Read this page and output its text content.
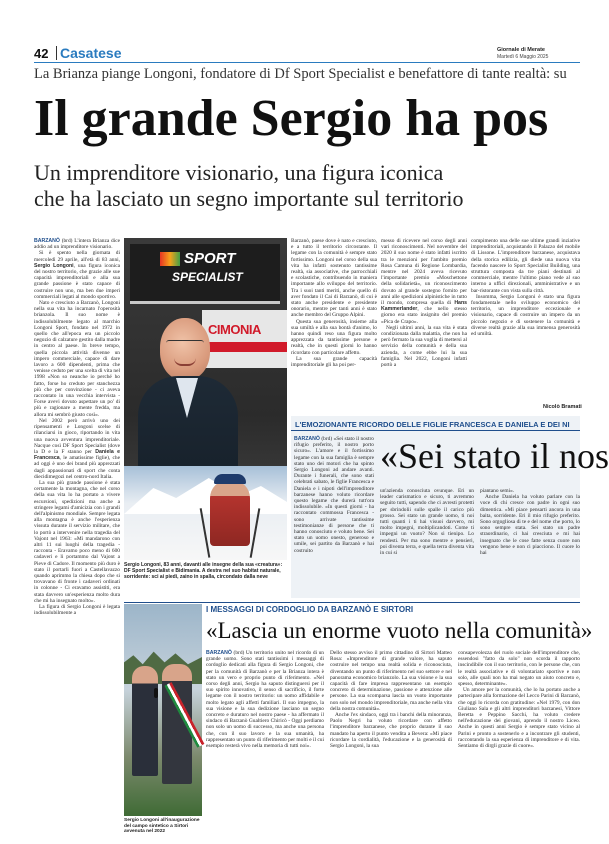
42 Casatese	Giornale di Merate
Martedì 6 Maggio 2025
La Brianza piange Longoni, fondatore di Df Sport Specialist e benefattore di tante realtà: su
Il grande Sergio ha pos
Un imprenditore visionario, una figura iconica
che ha lasciato un segno importante sul territorio

BARZANÒ (brd) L'intera Brianza dice addio ad un imprenditore visionario.

Si è spento nella giornata di mercoledì 29 aprile, all'età di 83 anni, Sergio Longoni, una figura iconica del nostro territorio, che grazie alle sue capacità imprenditoriali e alla sua grande passione è stato capace di costruire non uno, ma ben due imperi commerciali legati al mondo sportivo.

Nato e cresciuto a Barzanò, Longoni nella sua vita ha incarnato l'operosità brianzola. Il suo nome è indissolubilmente legato al marchio Longoni Sport, fondato nel 1972 in quello che all'epoca era un piccolo negozio di calzature gestito dalla madre in centro al paese. In breve tempo, quella piccola attività divenne un impero commerciale, capace di dare lavoro a 600 dipendenti, prima che venisse ceduto per una scelta di vita nel 1998 «Non so neanche io perché ho fatto, forse ho creduto per stanchezza più che per convinzione - ci aveva raccontato in una vecchia intervista - Forse avevi dovuto aspettare un po' di più e ragionare a mente fredda, ma allora mi sembrò giusto così».

Nel 2002 però arrivò uno dei ripensamenti e Longoni scelse di rilanciarsi in gioco, riportando in vita una nuova avventura imprenditoriale. Nacque così DF Sport Specialist (dove la D e la F stanno per Daniela e Francesca, le amatissime figlie), che ad oggi è uno dei brand più apprezzati dagli appassionati di sport che conta diecidimegozi nel centro-nord Italia.

La sua più grande passione è stata certamente la montagna, che nel corso della sua vita lo ha portato a vivere escursioni, spedizioni ma anche a stringere legami d'amicizia con i grandi dell'alpinismo mondiale. Sempre legata alla montagna è anche l'esperienza vissuta durante il servizio militare, che lo portò a intervenire nella tragedia del Vajont nel 1963: «Mi mandarono con altri 11 sui luoghi della tragedia - racconta - Eravamo poco meno di 600 cadaveri e li portammo dal Vajont a Pieve di Cadore. Il momento più duro è stato il portarli fuori a Castellavazzo quando aprimmo la chiesa dopo che si trovavano di fronte i cadaveri ordinati in colonne - Ci eravamo assistiti, era stata davvero un'esperienza molto dura che mi ha insegnato molto».

La figura di Sergio Longoni è legata indissolubilmente a

SPORT
SPECIALIST
CIMONIA
Sergio Longoni, 83 anni, davanti alle insegne della sua «creatura»: DF Sport Specialist e Bidimania. A destra nel suo habitat naturale, sorridente: sci ai piedi, zaino in spalla, circondato dalla neve

Barzanò, paese dove è nato e cresciuto, e a tutto il territorio circostante. Il legame con la comunità è sempre stato fortissimo. Longoni nel corso della sua vita ha infatti sostenuto tantissime realtà, sia associative, che parrocchiali e scolastiche, contribuendo in maniera importante allo sviluppo del territorio. Tra i suoi tanti meriti, anche quello di aver fondato il Cai di Barzanò, di cui è stato anche presidente e presidente onorario, mentre per tanti anni è stato anche membro del Gruppo Alpini.

Questa sua generosità, insieme alla sua umiltà e alla sua bontà d'animo, lo hanno quindi reso una figura molto apprezzata da tantissime persone e realtà, che in questi giorni lo hanno ricordato con particolare affetto.

La sua grande capacità imprenditoriale gli ha poi per-

messo di ricevere nel corso degli anni vari riconoscimenti. Nel novembre del 2020 il suo nome è stato infatti iscritto tra le menzioni per l'ambito premio Rosa Camuna di Regione Lombardia, mentre nel 2024 aveva ricevuto l'importante premio «Moschettone della solidarietà», un riconoscimento dovuto al grande sostegno fornito per anni alle spedizioni alpinistiche in tutto il mondo, compresa quella di Hans Kammerlander, che nello stesso giorno era stato insignito del premio «Pica de Crapo».

Negli ultimi anni, la sua vita è stata condizionata dalla malattia, che non ha però fermato la sua voglia di mettersi al servizio della comunità e della sua azienda, a come ebbe lui la sua famiglia. Nel 2022, Longoni infatti portò a

compimento una delle sue ultime grandi inziative imprenditoriali, acquistando il Palazzo del mobile di Lissone. L'imprenditore barzanese, acquistava della storica edilizia, gli diede una nuova vita facendo nascere lo Sport Specialist Building, una struttura composta da tre piani destinati al commerciale, mentre l'ultimo piano vede al suo interno a uffici direzionali, amministrative e un bar-ristorante con vista sulla città.

Insomma, Sergio Longoni è stato una figura fondamentale nello sviluppo economico del territorio, un imprenditore eccezionale e visionario, capace di costruire un impero da un piccolo negozio e di sostenere la comunità e diverse realtà grazie alla sua immensa generosità ed umiltà.

Nicolò Bramati
L'EMOZIONANTE RICORDO DELLE FIGLIE FRANCESCA E DANIELA E DEI NI

BARZANÒ (brd) «Sei stato il nostro rifugio preferito, il nostro porto sicuro». L'amore e il fortissimo legame con la sua famiglia è sempre stato uno dei motori che ha spinto Sergio Longoni ad andare avanti. Durante i funerali, che sono stati celebrati sabato, le figlie Francesca e Daniela e i nipoti dell'imprenditore barzanese hanno voluto ricordare questo legame che durerà tutt'ora indissolubile. «In questi giorni - ha raccontato commossa Francesca - sono arrivate tantissime testimonianze di persone che ti hanno conosciuto e voluto bene. Sei stato un uomo onesto, generoso e umile, sei partito da Barzanò e hai costruito

«Sei stato il nos

un'azienda conosciuta ovunque. Eri un leader carismatico e sicuro, ti avremmo seguito tutti, sapendo che ci avresti protetti per sbrindolii sulle spalle il carico più grosso. Sei stato un grande uomo, ti noi tutti quanti i ti hai visuoi davvero, mi molto impegni, moltiplicandoti. Come ti impegni un vuoto? Non si tienipo. Lo rendesti. Per ma sono mentre e pensieri, poi diventa terra, e quella terra diventa vita in cui si

piantano semi».

Anche Daniela ha voluto parlare con la voce di chi cresce con padre in ogni suo dimentica. «Mi piace pensarti ancora in una baita, sorridente. Eri il mio rifugio preferito. Sono orgogliosa di te e del nome che porto, lo sono sempre stata. Sei stato un padre straordinario, ci hai cresciuta e mi hai insegnato che le cose fatte senza cuore non vengono bene e non ci piacciono. Il cuore lo hai

I MESSAGGI DI CORDOGLIO DA BARZANÒ E SIRTORI
«Lascia un enorme vuoto nella comunità»
Sergio Longoni all'inaugurazione del campo sintetico a Sirtori avvenuta nel 2022

BARZANÒ (brd) Un territorio unito nel ricordo di un grande uomo. Sono stati tantissimi i messaggi di cordoglio dedicati alla figura di Sergio Longoni, che per la comunità di Barzanò e per la Brianza intera è stato un vero e proprio punto di riferimento. «Nel corso degli anni, Sergio ha saputo distinguersi per il suo spirito innovativo, il senso di sacrificio, il forte legame con il nostro territorio: un uomo affidabile e molto legato agli affetti familiari. Il suo impegno, la sua visione e la sua dedizione lasciano un segno concreto e duraturo nel nostro paese - ha affermato il sindaco di Barzanò Gualtiero Chiricò - Oggi perdiamo non solo un uomo di successo, ma anche una persona che, con il suo lavoro e la sua umanità, ha rappresentato un punto di riferimento per molti e il cui esempio resterà vivo nella memoria di tutti noi».

Dello stesso avviso il primo cittadino di Sirtori Matteo Rosa: «Imprenditore di grande valore, ha saputo costruire nel tempo una realtà solida e riconosciuta, diventando un punto di riferimento nel suo settore e nel panorama economico brianzolo. La sua visione e la sua capacità di fare impresa rappresentano un esempio concreto di determinazione, passione e attenzione alle persone. La sua scomparsa lascia un vuoto importante non solo nel mondo imprenditoriale, ma anche nella vita della nostra comunità».

Anche l'ex sindaco, oggi tra i banchi della minoranza, Paolo Negri ha voluto ricordare con affetto l'imprenditore barzanese, che proprio durante il suo mandato ha aperto il punto vendita a Bevera: «Mi piace ricordare la cordialità, l'educazione e la generosità di Sergio Longoni, la sua

consapevolezza del ruolo sociale dell'imprenditore che, essendosi "fatto da solo" non scorda il rapporto inscindibile con il suo territorio, con le persone che, con le realtà associative e di volontariato sportive e non solo, alle quali non ha mai negato un aiuto concreto e, spesso, determinante».

Un amore per la comunità, che lo ha portato anche a partecipare alla formazione del Lecco Parini di Barzanò, che oggi lo ricorda con gratitudine: «Nel 1979, con don Giuliano Sala e gli altri imprenditori barzanesi, Vittore Beretta e Peppino Sacchi, ha voluto credere nell'educazione dei giovani, aprendo il nostro Liceo. Anche in questi anni Sergio è sempre stato vicino al Parini e pronto a sostenerlo e a incontrare gli studenti, raccontando la sua esperienza di imprenditore e di vita. Sentiamo di dirgli grazie di cuore».
